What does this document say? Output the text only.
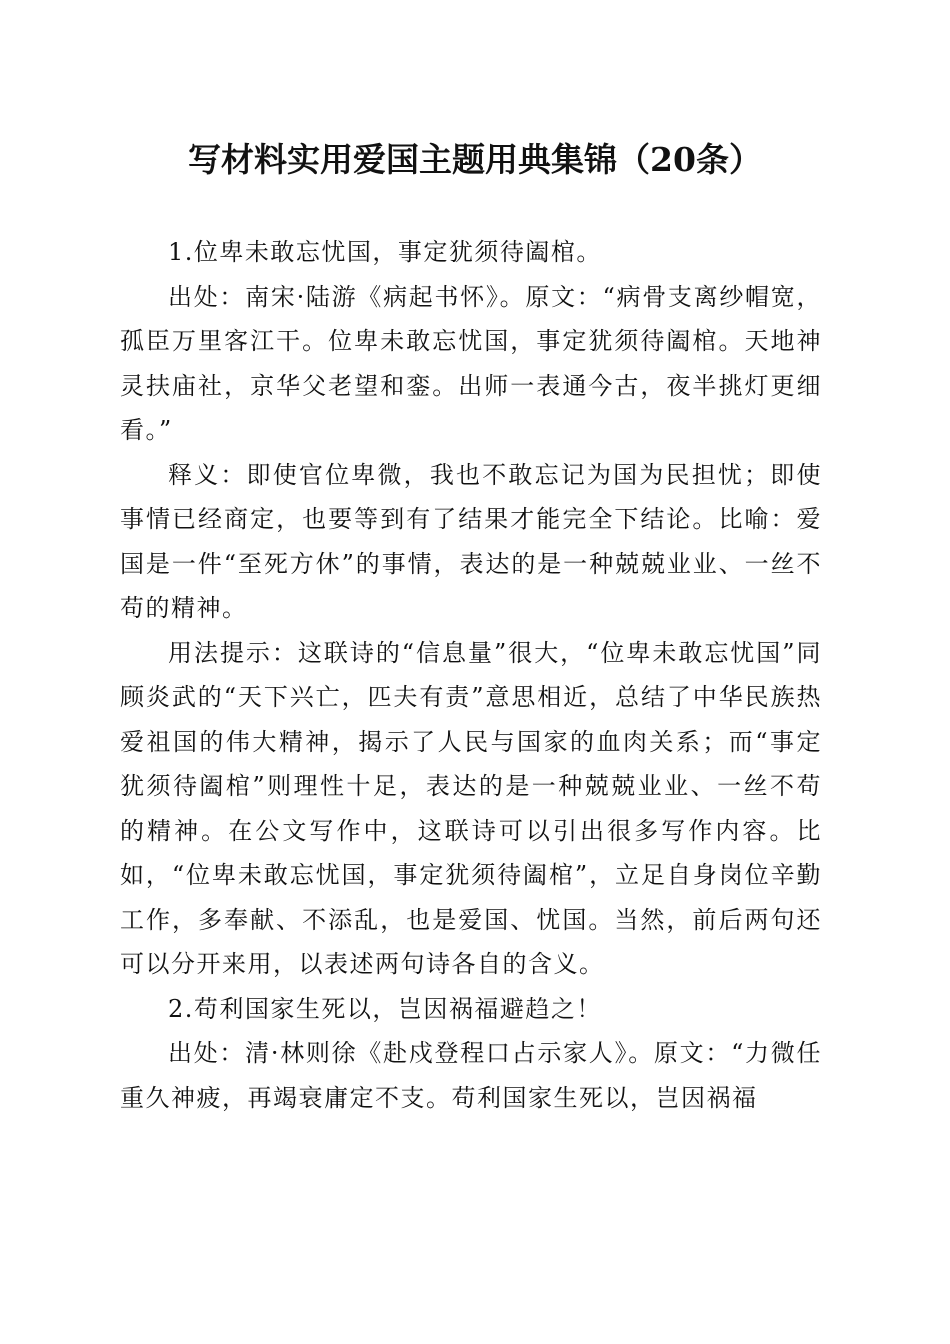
写材料实用爱国主题用典集锦（20条）

1.位卑未敢忘忧国，事定犹须待阖棺。

出处：南宋·陆游《病起书怀》。原文：“病骨支离纱帽宽，孤臣万里客江干。位卑未敢忘忧国，事定犹须待阖棺。天地神灵扶庙社，京华父老望和銮。出师一表通今古，夜半挑灯更细看。”

释义：即使官位卑微，我也不敢忘记为国为民担忧；即使事情已经商定，也要等到有了结果才能完全下结论。比喻：爱国是一件“至死方休”的事情，表达的是一种兢兢业业、一丝不苟的精神。

用法提示：这联诗的“信息量”很大，“位卑未敢忘忧国”同顾炎武的“天下兴亡，匹夫有责”意思相近，总结了中华民族热爱祖国的伟大精神，揭示了人民与国家的血肉关系；而“事定犹须待阖棺”则理性十足，表达的是一种兢兢业业、一丝不苟的精神。在公文写作中，这联诗可以引出很多写作内容。比如，“位卑未敢忘忧国，事定犹须待阖棺”，立足自身岗位辛勤工作，多奉献、不添乱，也是爱国、忧国。当然，前后两句还可以分开来用，以表述两句诗各自的含义。

2.苟利国家生死以，岂因祸福避趋之！

出处：清·林则徐《赴戍登程口占示家人》。原文：“力微任重久神疲，再竭衰庸定不支。苟利国家生死以，岂因祸福
